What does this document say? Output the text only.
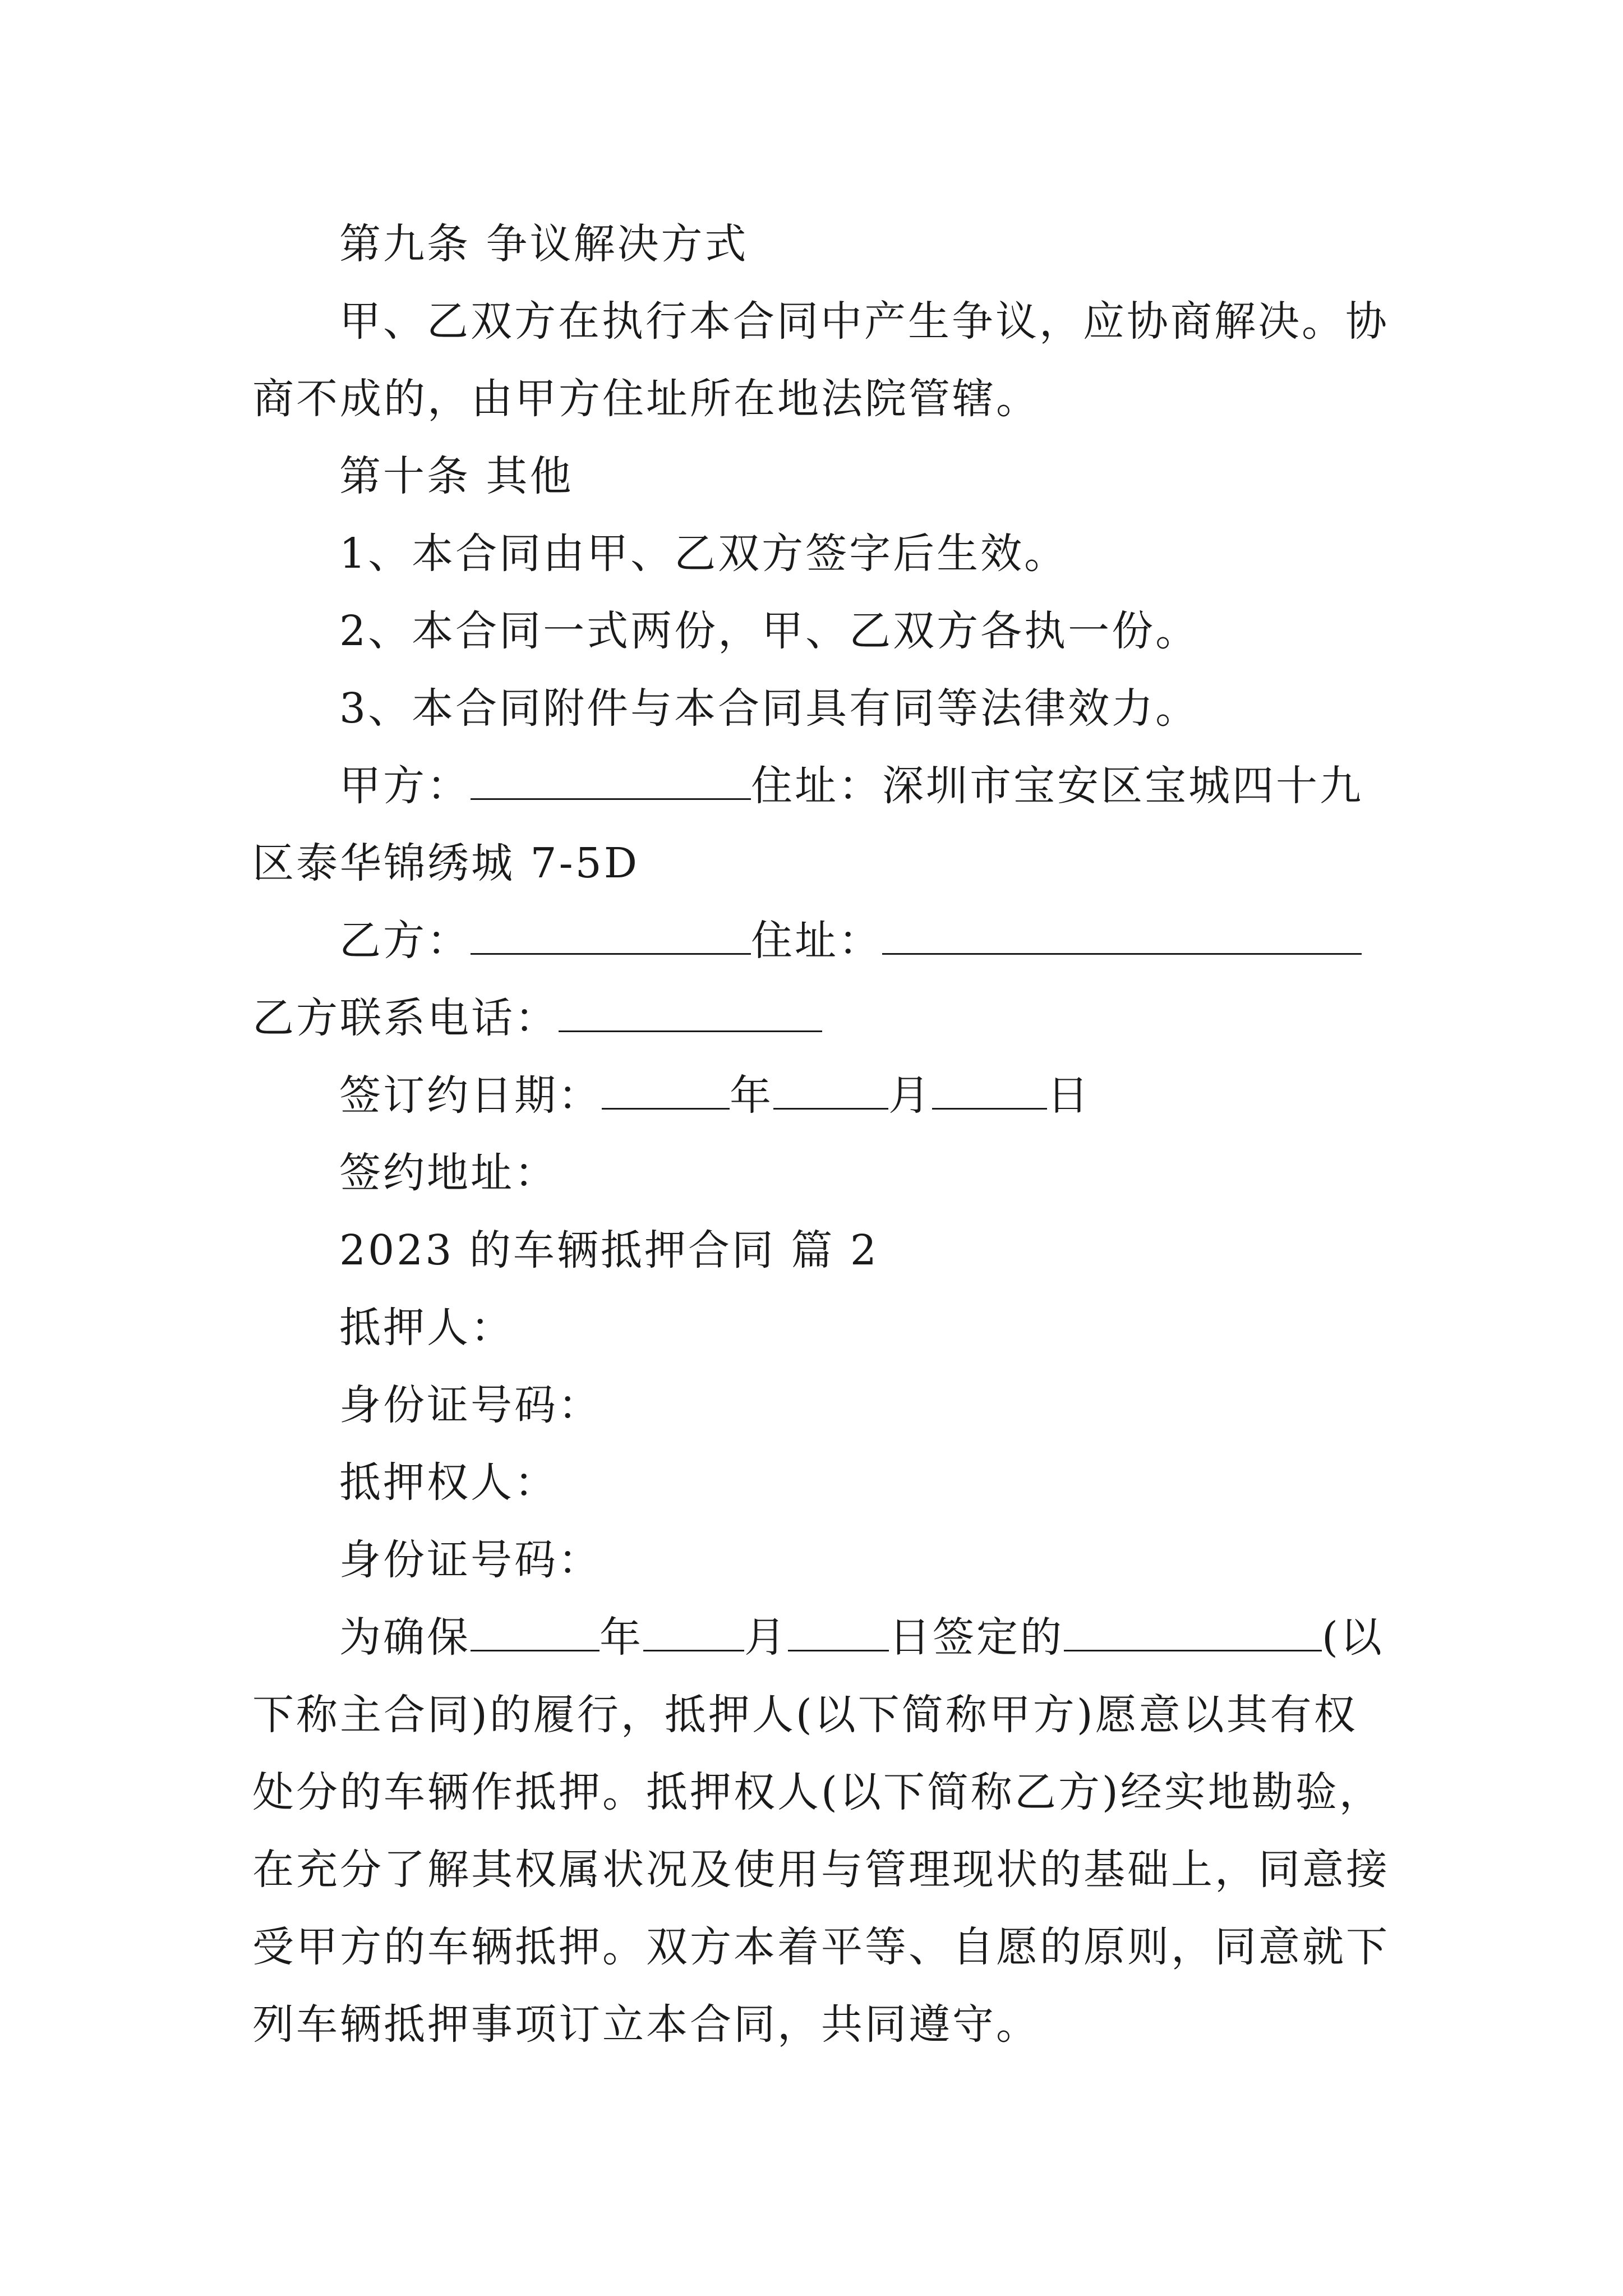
第九条 争议解决方式
甲、乙双方在执行本合同中产生争议，应协商解决。协
商不成的，由甲方住址所在地法院管辖。
第十条 其他
1、本合同由甲、乙双方签字后生效。
2、本合同一式两份，甲、乙双方各执一份。
3、本合同附件与本合同具有同等法律效力。
甲方：	住址：深圳市宝安区宝城四十九
区泰华锦绣城 7-5D
乙方：	住址：
乙方联系电话：
签订约日期：	年	月	日
签约地址：
2023 的车辆抵押合同 篇 2
抵押人：
身份证号码：
抵押权人：
身份证号码：
为确保	年 月 日签定的	(以
下称主合同)的履行，抵押人(以下简称甲方)愿意以其有权
处分的车辆作抵押。抵押权人(以下简称乙方)经实地勘验，
在充分了解其权属状况及使用与管理现状的基础上，同意接
受甲方的车辆抵押。双方本着平等、自愿的原则，同意就下
列车辆抵押事项订立本合同，共同遵守。
